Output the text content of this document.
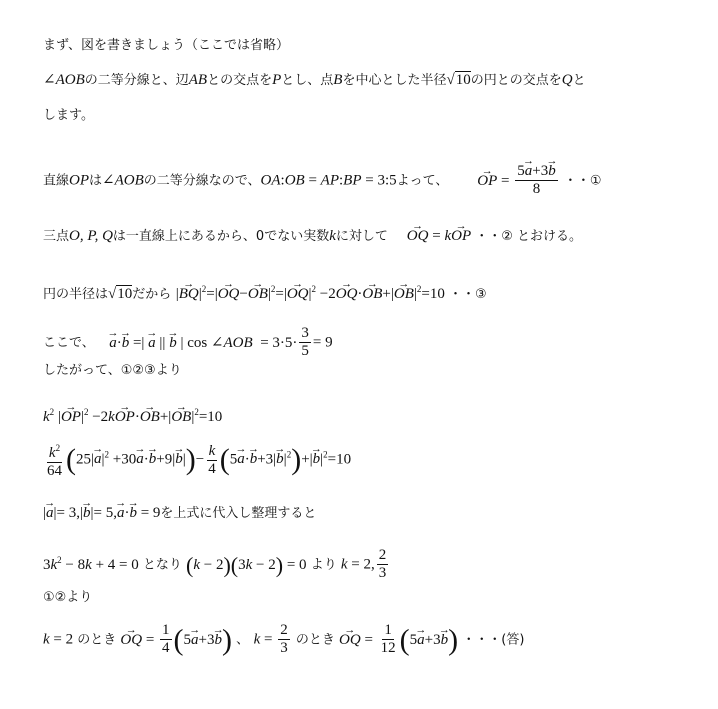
まず、図を書きましょう（ここでは省略）
∠AOBの二等分線と、辺ABとの交点をPとし、点Bを中心とした半径√10の円との交点をQと
します。
直線OPは∠AOBの二等分線なので、OA:OB = AP:BP = 3:5よって、 → OP = $\frac{5\to a+3\to b}{8}$ ・・①
三点O, P, Qは一直線上にあるから、0でない実数kに対して → OQ = k→ OP ・・② とおける。
円の半径は√10だから |→ $BQ|^2=|\to OQ-\to OB|^2=|\to OQ|^2 -2\to OQ\cdot\to OB+|\to OB|^2=10$ ・・③
ここで、 → a·→ b =| → a || → b | cos ∠AOB  = $3\cdot 5\cdot \frac{3}{5} = 9$
したがって、①②③より
$k^2$ |→ $OP|^2 -2k\to OP\cdot\to OB+|\to OB|^2=10$
$\frac{k^2}{64} (25|\to a|^2 +30\to a\cdot\to b+9|\to b|)- \frac{k}{4} (5\to a\cdot\to b+3|\to b|^2)+|\to b|^2=10$
|→ a|= 3,|→ b|= 5,→ a·→ b = 9を上式に代入し整理すると
$3k^2 - 8k + 4 = 0$ となり (k − 2)(3k − 2) = 0 より k = 2, $\frac{2}{3}$
①②より
k = 2 のとき → OQ = $\frac{1}{4} (5\to a+3\to b)$ 、 $k = \frac{2}{3}$ のとき → OQ = $\frac{1}{12} (5\to a+3\to b)$ ・・・(答)
